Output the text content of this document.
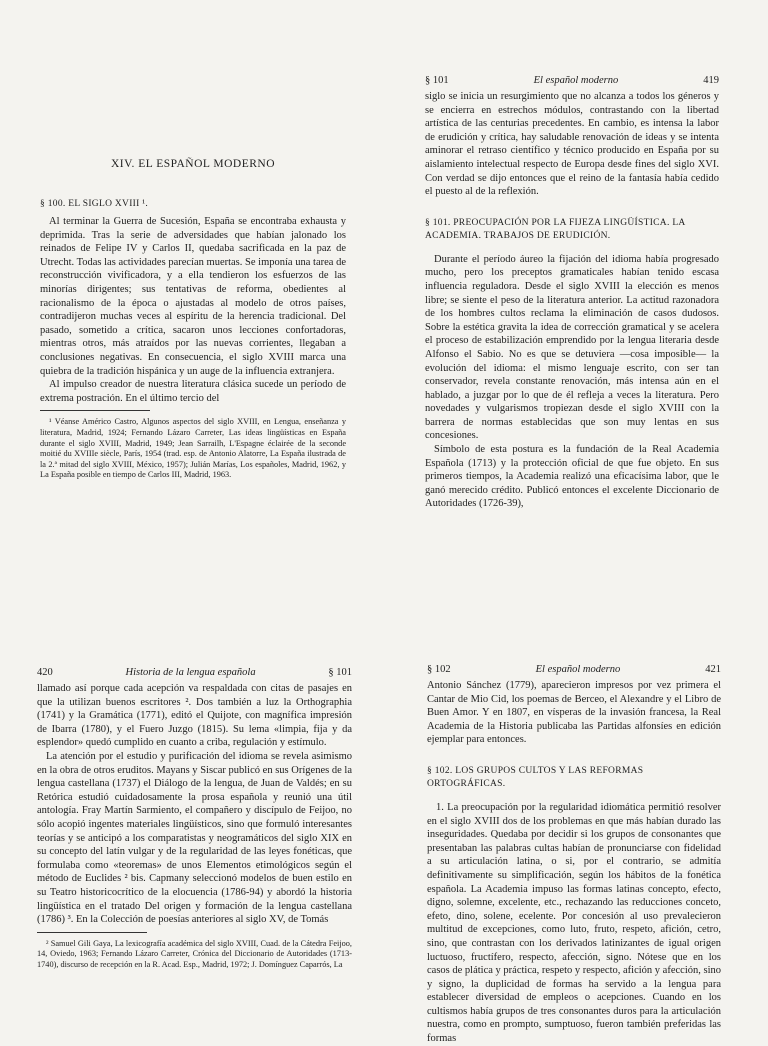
XIV. EL ESPAÑOL MODERNO

§ 100. EL SIGLO XVIII ¹.

Al terminar la Guerra de Sucesión, España se encontraba exhausta y deprimida. Tras la serie de adversidades que habían jalonado los reinados de Felipe IV y Carlos II, quedaba sacrificada en la paz de Utrecht. Todas las actividades parecían muertas. Se imponía una tarea de reconstrucción vivificadora, y a ella tendieron los esfuerzos de las minorías dirigentes; sus tentativas de reforma, obedientes al racionalismo de la época o ajustadas al modelo de otros países, contradijeron muchas veces al espíritu de la herencia tradicional. Del pasado, sometido a crítica, sacaron unos lecciones confortadoras, mientras otros, más atraídos por las nuevas corrientes, llegaban a conclusiones negativas. En consecuencia, el siglo XVIII marca una quiebra de la tradición hispánica y un auge de la influencia extranjera.

Al impulso creador de nuestra literatura clásica sucede un período de extrema postración. En el último tercio del

¹ Véanse Américo Castro, Algunos aspectos del siglo XVIII, en Lengua, enseñanza y literatura, Madrid, 1924; Fernando Lázaro Carreter, Las ideas lingüísticas en España durante el siglo XVIII, Madrid, 1949; Jean Sarrailh, L'Espagne éclairée de la seconde moitié du XVIIIe siècle, París, 1954 (trad. esp. de Antonio Alatorre, La España ilustrada de la 2.ª mitad del siglo XVIII, México, 1957); Julián Marías, Los españoles, Madrid, 1962, y La España posible en tiempo de Carlos III, Madrid, 1963.

§ 101	El español moderno	419

siglo se inicia un resurgimiento que no alcanza a todos los géneros y se encierra en estrechos módulos, contrastando con la libertad artística de las centurias precedentes. En cambio, es intensa la labor de erudición y crítica, hay saludable renovación de ideas y se intenta aminorar el retraso científico y técnico producido en España por su aislamiento intelectual respecto de Europa desde fines del siglo XVI. Con verdad se dijo entonces que el reino de la fantasía había cedido el puesto al de la reflexión.

§ 101. PREOCUPACIÓN POR LA FIJEZA LINGÜÍSTICA. LA ACADEMIA. TRABAJOS DE ERUDICIÓN.

Durante el período áureo la fijación del idioma había progresado mucho, pero los preceptos gramaticales habían tenido escasa influencia reguladora. Desde el siglo XVIII la elección es menos libre; se siente el peso de la literatura anterior. La actitud razonadora de los hombres cultos reclama la eliminación de casos dudosos. Sobre la estética gravita la idea de corrección gramatical y se acelera el proceso de estabilización emprendido por la lengua literaria desde Alfonso el Sabio. No es que se detuviera —cosa imposible— la evolución del idioma: el mismo lenguaje escrito, con ser tan conservador, revela constante renovación, más intensa aún en el hablado, a juzgar por lo que de él refleja a veces la literatura. Pero novedades y vulgarismos tropiezan desde el siglo XVIII con la barrera de normas establecidas que son muy lentas en sus concesiones.

Símbolo de esta postura es la fundación de la Real Academia Española (1713) y la protección oficial de que fue objeto. En sus primeros tiempos, la Academia realizó una eficacísima labor, que le ganó merecido crédito. Publicó entonces el excelente Diccionario de Autoridades (1726-39),

420	Historia de la lengua española	§ 101

llamado así porque cada acepción va respaldada con citas de pasajes en que la utilizan buenos escritores ². Dos también a luz la Orthographia (1741) y la Gramática (1771), editó el Quijote, con magnífica impresión de Ibarra (1780), y el Fuero Juzgo (1815). Su lema «limpia, fija y da esplendor» quedó cumplido en cuanto a criba, regulación y estímulo.

La atención por el estudio y purificación del idioma se revela asimismo en la obra de otros eruditos. Mayans y Siscar publicó en sus Orígenes de la lengua castellana (1737) el Diálogo de la lengua, de Juan de Valdés; en su Retórica estudió cuidadosamente la prosa española y reunió una útil antología. Fray Martín Sarmiento, el compañero y discípulo de Feijoo, no sólo acopió ingentes materiales lingüísticos, sino que formuló interesantes teorías y se anticipó a los comparatistas y neogramáticos del siglo XIX en su concepto del latín vulgar y de la regularidad de las leyes fonéticas, que formulaba como «teoremas» de unos Elementos etimológicos según el método de Euclides ² bis. Capmany seleccionó modelos de buen estilo en su Teatro historicocrítico de la elocuencia (1786-94) y abordó la historia lingüística en el tratado Del origen y formación de la lengua castellana (1786) ³. En la Colección de poesías anteriores al siglo XV, de Tomás

² Samuel Gili Gaya, La lexicografía académica del siglo XVIII, Cuad. de la Cátedra Feijoo, 14, Oviedo, 1963; Fernando Lázaro Carreter, Crónica del Diccionario de Autoridades (1713-1740), discurso de recepción en la R. Acad. Esp., Madrid, 1972; J. Domínguez Caparrós, La

§ 102	El español moderno	421

Antonio Sánchez (1779), aparecieron impresos por vez primera el Cantar de Mio Cid, los poemas de Berceo, el Alexandre y el Libro de Buen Amor. Y en 1807, en vísperas de la invasión francesa, la Real Academia de la Historia publicaba las Partidas alfonsíes en edición ejemplar para entonces.

§ 102. LOS GRUPOS CULTOS Y LAS REFORMAS ORTOGRÁFICAS.

1. La preocupación por la regularidad idiomática permitió resolver en el siglo XVIII dos de los problemas en que más habían durado las inseguridades. Quedaba por decidir si los grupos de consonantes que presentaban las palabras cultas habían de pronunciarse con fidelidad a su articulación latina, o si, por el contrario, se admitía definitivamente su simplificación, según los hábitos de la fonética española. La Academia impuso las formas latinas concepto, efecto, digno, solemne, excelente, etc., rechazando las reducciones conceto, efeto, dino, solene, ecelente. Por concesión al uso prevalecieron multitud de excepciones, como luto, fruto, respeto, afición, cetro, sino, que contrastan con los derivados latinizantes de igual origen luctuoso, fructífero, respecto, afección, signo. Nótese que en los casos de plática y práctica, respeto y respecto, afición y afección, sino y signo, la duplicidad de formas ha servido a la lengua para establecer diversidad de empleos o acepciones. Cuando en los cultismos había grupos de tres consonantes duros para la articulación nuestra, como en prompto, sumptuoso, fueron también preferidas las formas
